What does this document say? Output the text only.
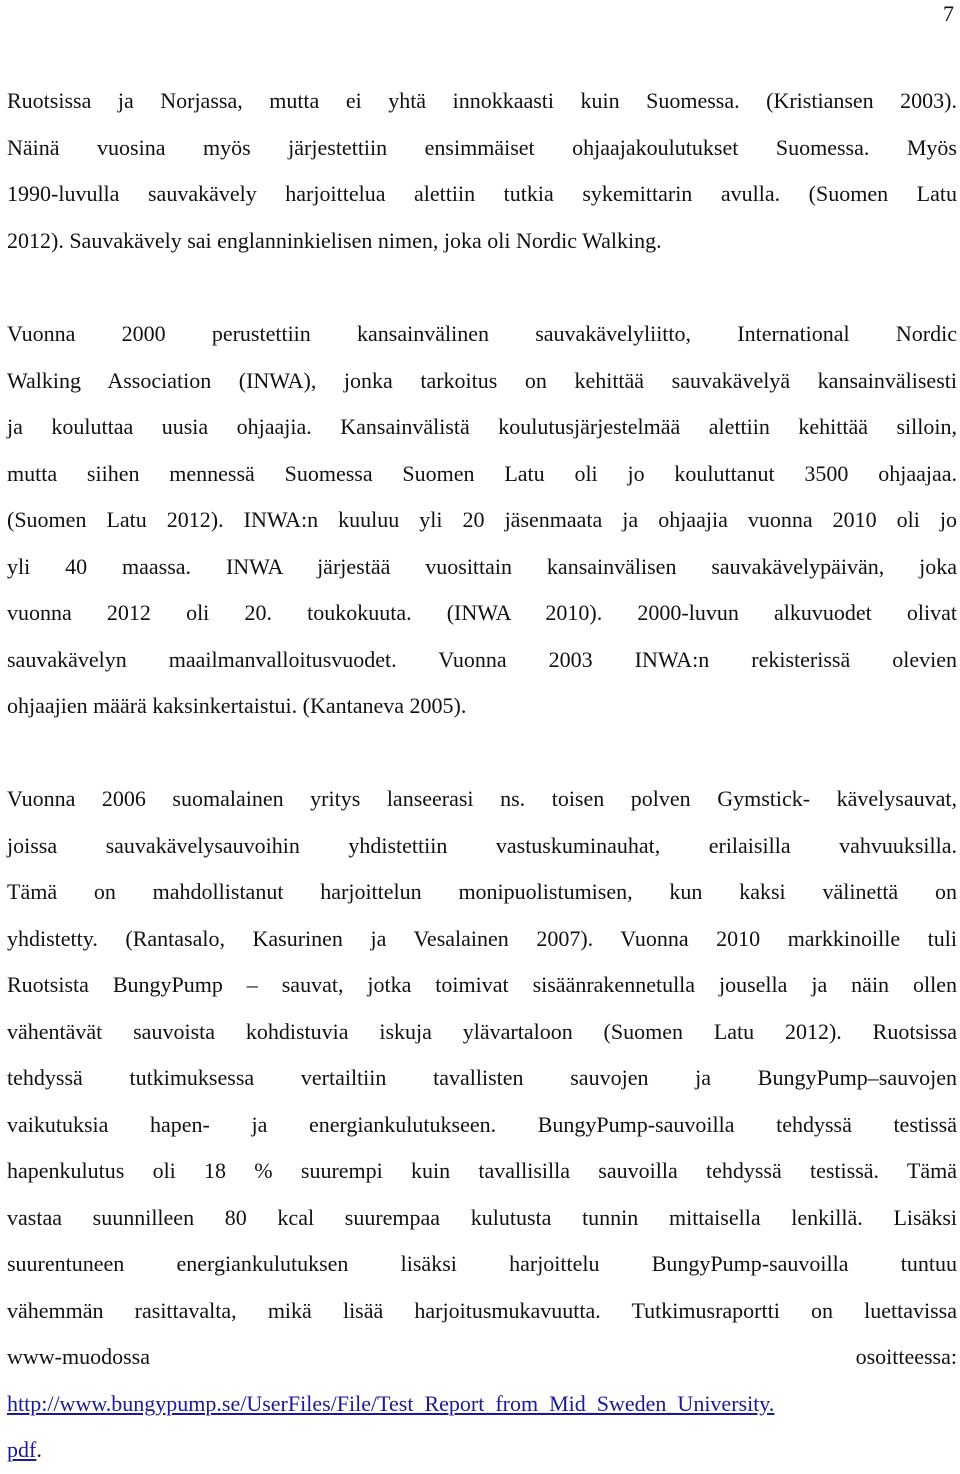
7
Ruotsissa ja Norjassa, mutta ei yhtä innokkaasti kuin Suomessa. (Kristiansen 2003).
Näinä vuosina myös järjestettiin ensimmäiset ohjaajakoulutukset Suomessa. Myös
1990-luvulla sauvakävely harjoittelua alettiin tutkia sykemittarin avulla. (Suomen Latu
2012). Sauvakävely sai englanninkielisen nimen, joka oli Nordic Walking.
Vuonna 2000 perustettiin kansainvälinen sauvakävelyliitto, International Nordic
Walking Association (INWA), jonka tarkoitus on kehittää sauvakävelyä kansainvälisesti
ja kouluttaa uusia ohjaajia. Kansainvälistä koulutusjärjestelmää alettiin kehittää silloin,
mutta siihen mennessä Suomessa Suomen Latu oli jo kouluttanut 3500 ohjaajaa.
(Suomen Latu 2012). INWA:n kuuluu yli 20 jäsenmaata ja ohjaajia vuonna 2010 oli jo
yli 40 maassa. INWA järjestää vuosittain kansainvälisen sauvakävelypäivän, joka
vuonna 2012 oli 20. toukokuuta. (INWA 2010). 2000-luvun alkuvuodet olivat
sauvakävelyn maailmanvalloitusvuodet. Vuonna 2003 INWA:n rekisterissä olevien
ohjaajien määrä kaksinkertaistui. (Kantaneva 2005).
Vuonna 2006 suomalainen yritys lanseerasi ns. toisen polven Gymstick- kävelysauvat,
joissa sauvakävelysauvoihin yhdistettiin vastuskuminauhat, erilaisilla vahvuuksilla.
Tämä on mahdollistanut harjoittelun monipuolistumisen, kun kaksi välinettä on
yhdistetty. (Rantasalo, Kasurinen ja Vesalainen 2007). Vuonna 2010 markkinoille tuli
Ruotsista BungyPump – sauvat, jotka toimivat sisäänrakennetulla jousella ja näin ollen
vähentävät sauvoista kohdistuvia iskuja ylävartaloon (Suomen Latu 2012). Ruotsissa
tehdyssä tutkimuksessa vertailtiin tavallisten sauvojen ja BungyPump–sauvojen
vaikutuksia hapen- ja energiankulutukseen. BungyPump-sauvoilla tehdyssä testissä
hapenkulutus oli 18 % suurempi kuin tavallisilla sauvoilla tehdyssä testissä. Tämä
vastaa suunnilleen 80 kcal suurempaa kulutusta tunnin mittaisella lenkillä. Lisäksi
suurentuneen energiankulutuksen lisäksi harjoittelu BungyPump-sauvoilla tuntuu
vähemmän rasittavalta, mikä lisää harjoitusmukavuutta. Tutkimusraportti on luettavissa
www-muodossa osoitteessa:
http://www.bungypump.se/UserFiles/File/Test_Report_from_Mid_Sweden_University.
pdf.
